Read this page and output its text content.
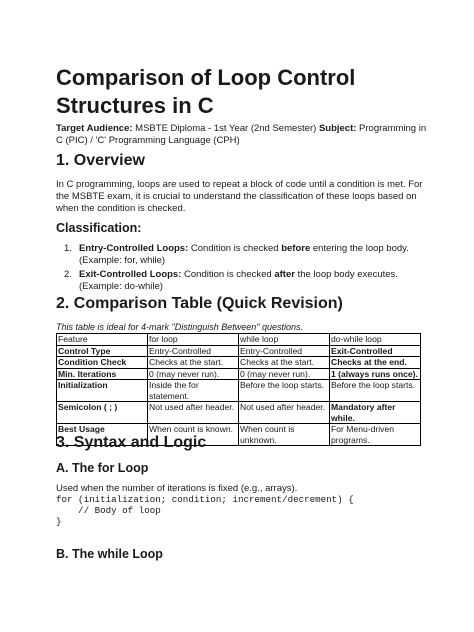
Comparison of Loop Control Structures in C

Target Audience: MSBTE Diploma - 1st Year (2nd Semester) Subject: Programming in C (PIC) / 'C' Programming Language (CPH)

1. Overview

In C programming, loops are used to repeat a block of code until a condition is met. For the MSBTE exam, it is crucial to understand the classification of these loops based on when the condition is checked.

Classification:
1. Entry-Controlled Loops: Condition is checked before entering the loop body. (Example: for, while)
2. Exit-Controlled Loops: Condition is checked after the loop body executes. (Example: do-while)
2. Comparison Table (Quick Revision)

This table is ideal for 4-mark "Distinguish Between" questions.

Feature	for loop	while loop	do-while loop
Control Type	Entry-Controlled	Entry-Controlled	Exit-Controlled
Condition Check	Checks at the start.	Checks at the start.	Checks at the end.
Min. Iterations	0 (may never run).	0 (may never run).	1 (always runs once).
Initialization	Inside the for statement.	Before the loop starts.	Before the loop starts.
Semicolon ( ; )	Not used after header.	Not used after header.	Mandatory after while.
Best Usage	When count is known.	When count is unknown.	For Menu-driven programs.
3. Syntax and Logic
A. The for Loop

Used when the number of iterations is fixed (e.g., arrays).

for (initialization; condition; increment/decrement) {
// Body of loop
}
B. The while Loop
